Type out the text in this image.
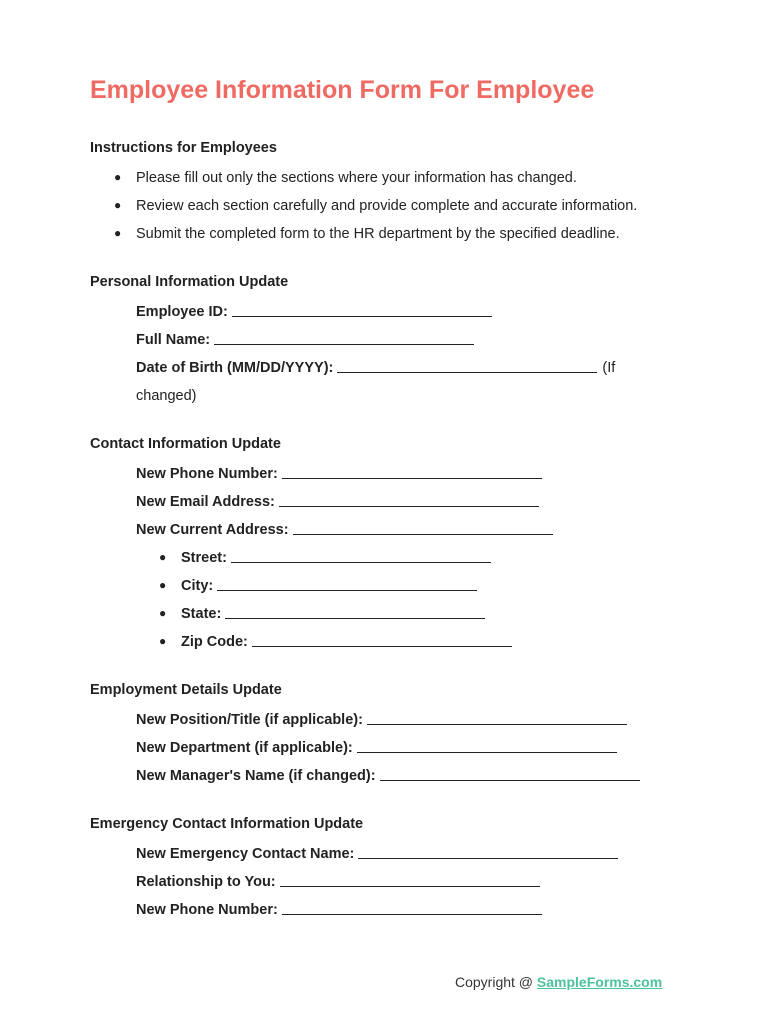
Employee Information Form For Employee
Instructions for Employees
● Please fill out only the sections where your information has changed.
● Review each section carefully and provide complete and accurate information.
● Submit the completed form to the HR department by the specified deadline.
Personal Information Update
Employee ID:
Full Name:
Date of Birth (MM/DD/YYYY):	(If
changed)
Contact Information Update
New Phone Number:
New Email Address:
New Current Address:
● Street:
● City:
● State:
● Zip Code:
Employment Details Update
New Position/Title (if applicable):
New Department (if applicable):
New Manager's Name (if changed):
Emergency Contact Information Update
New Emergency Contact Name:
Relationship to You:
New Phone Number:
Copyright @ SampleForms.com
